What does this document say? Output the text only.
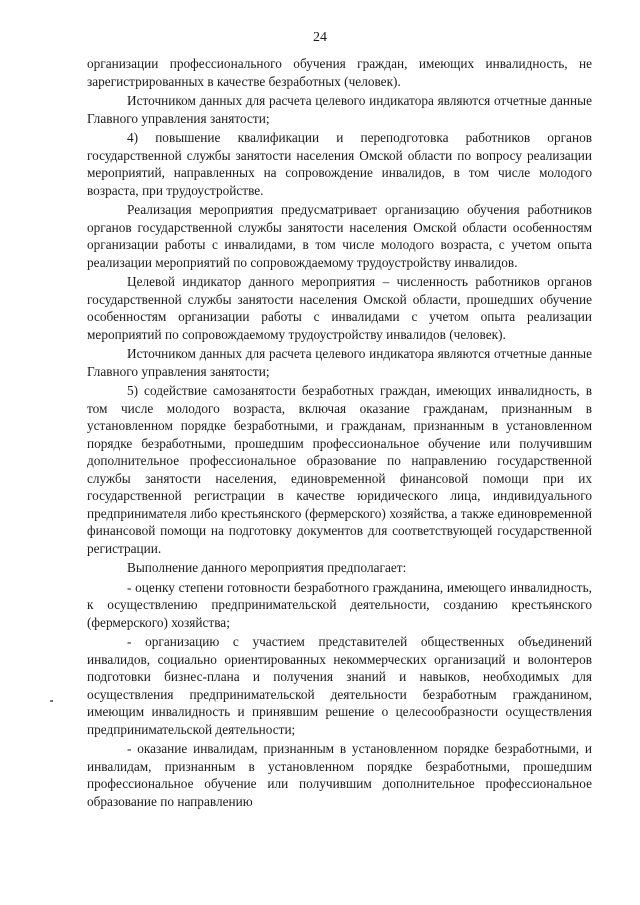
24

организации профессионального обучения граждан, имеющих инвалидность, не зарегистрированных в качестве безработных (человек).

Источником данных для расчета целевого индикатора являются отчетные данные Главного управления занятости;

4) повышение квалификации и переподготовка работников органов государственной службы занятости населения Омской области по вопросу реализации мероприятий, направленных на сопровождение инвалидов, в том числе молодого возраста, при трудоустройстве.

Реализация мероприятия предусматривает организацию обучения работников органов государственной службы занятости населения Омской области особенностям организации работы с инвалидами, в том числе молодого возраста, с учетом опыта реализации мероприятий по сопровождаемому трудоустройству инвалидов.

Целевой индикатор данного мероприятия – численность работников органов государственной службы занятости населения Омской области, прошедших обучение особенностям организации работы с инвалидами с учетом опыта реализации мероприятий по сопровождаемому трудоустройству инвалидов (человек).

Источником данных для расчета целевого индикатора являются отчетные данные Главного управления занятости;

5) содействие самозанятости безработных граждан, имеющих инвалидность, в том числе молодого возраста, включая оказание гражданам, признанным в установленном порядке безработными, и гражданам, признанным в установленном порядке безработными, прошедшим профессиональное обучение или получившим дополнительное профессиональное образование по направлению государственной службы занятости населения, единовременной финансовой помощи при их государственной регистрации в качестве юридического лица, индивидуального предпринимателя либо крестьянского (фермерского) хозяйства, а также единовременной финансовой помощи на подготовку документов для соответствующей государственной регистрации.

Выполнение данного мероприятия предполагает:

- оценку степени готовности безработного гражданина, имеющего инвалидность, к осуществлению предпринимательской деятельности, созданию крестьянского (фермерского) хозяйства;

- организацию с участием представителей общественных объединений инвалидов, социально ориентированных некоммерческих организаций и волонтеров подготовки бизнес-плана и получения знаний и навыков, необходимых для осуществления предпринимательской деятельности безработным гражданином, имеющим инвалидность и принявшим решение о целесообразности осуществления предпринимательской деятельности;

- оказание инвалидам, признанным в установленном порядке безработными, и инвалидам, признанным в установленном порядке безработными, прошедшим профессиональное обучение или получившим дополнительное профессиональное образование по направлению
